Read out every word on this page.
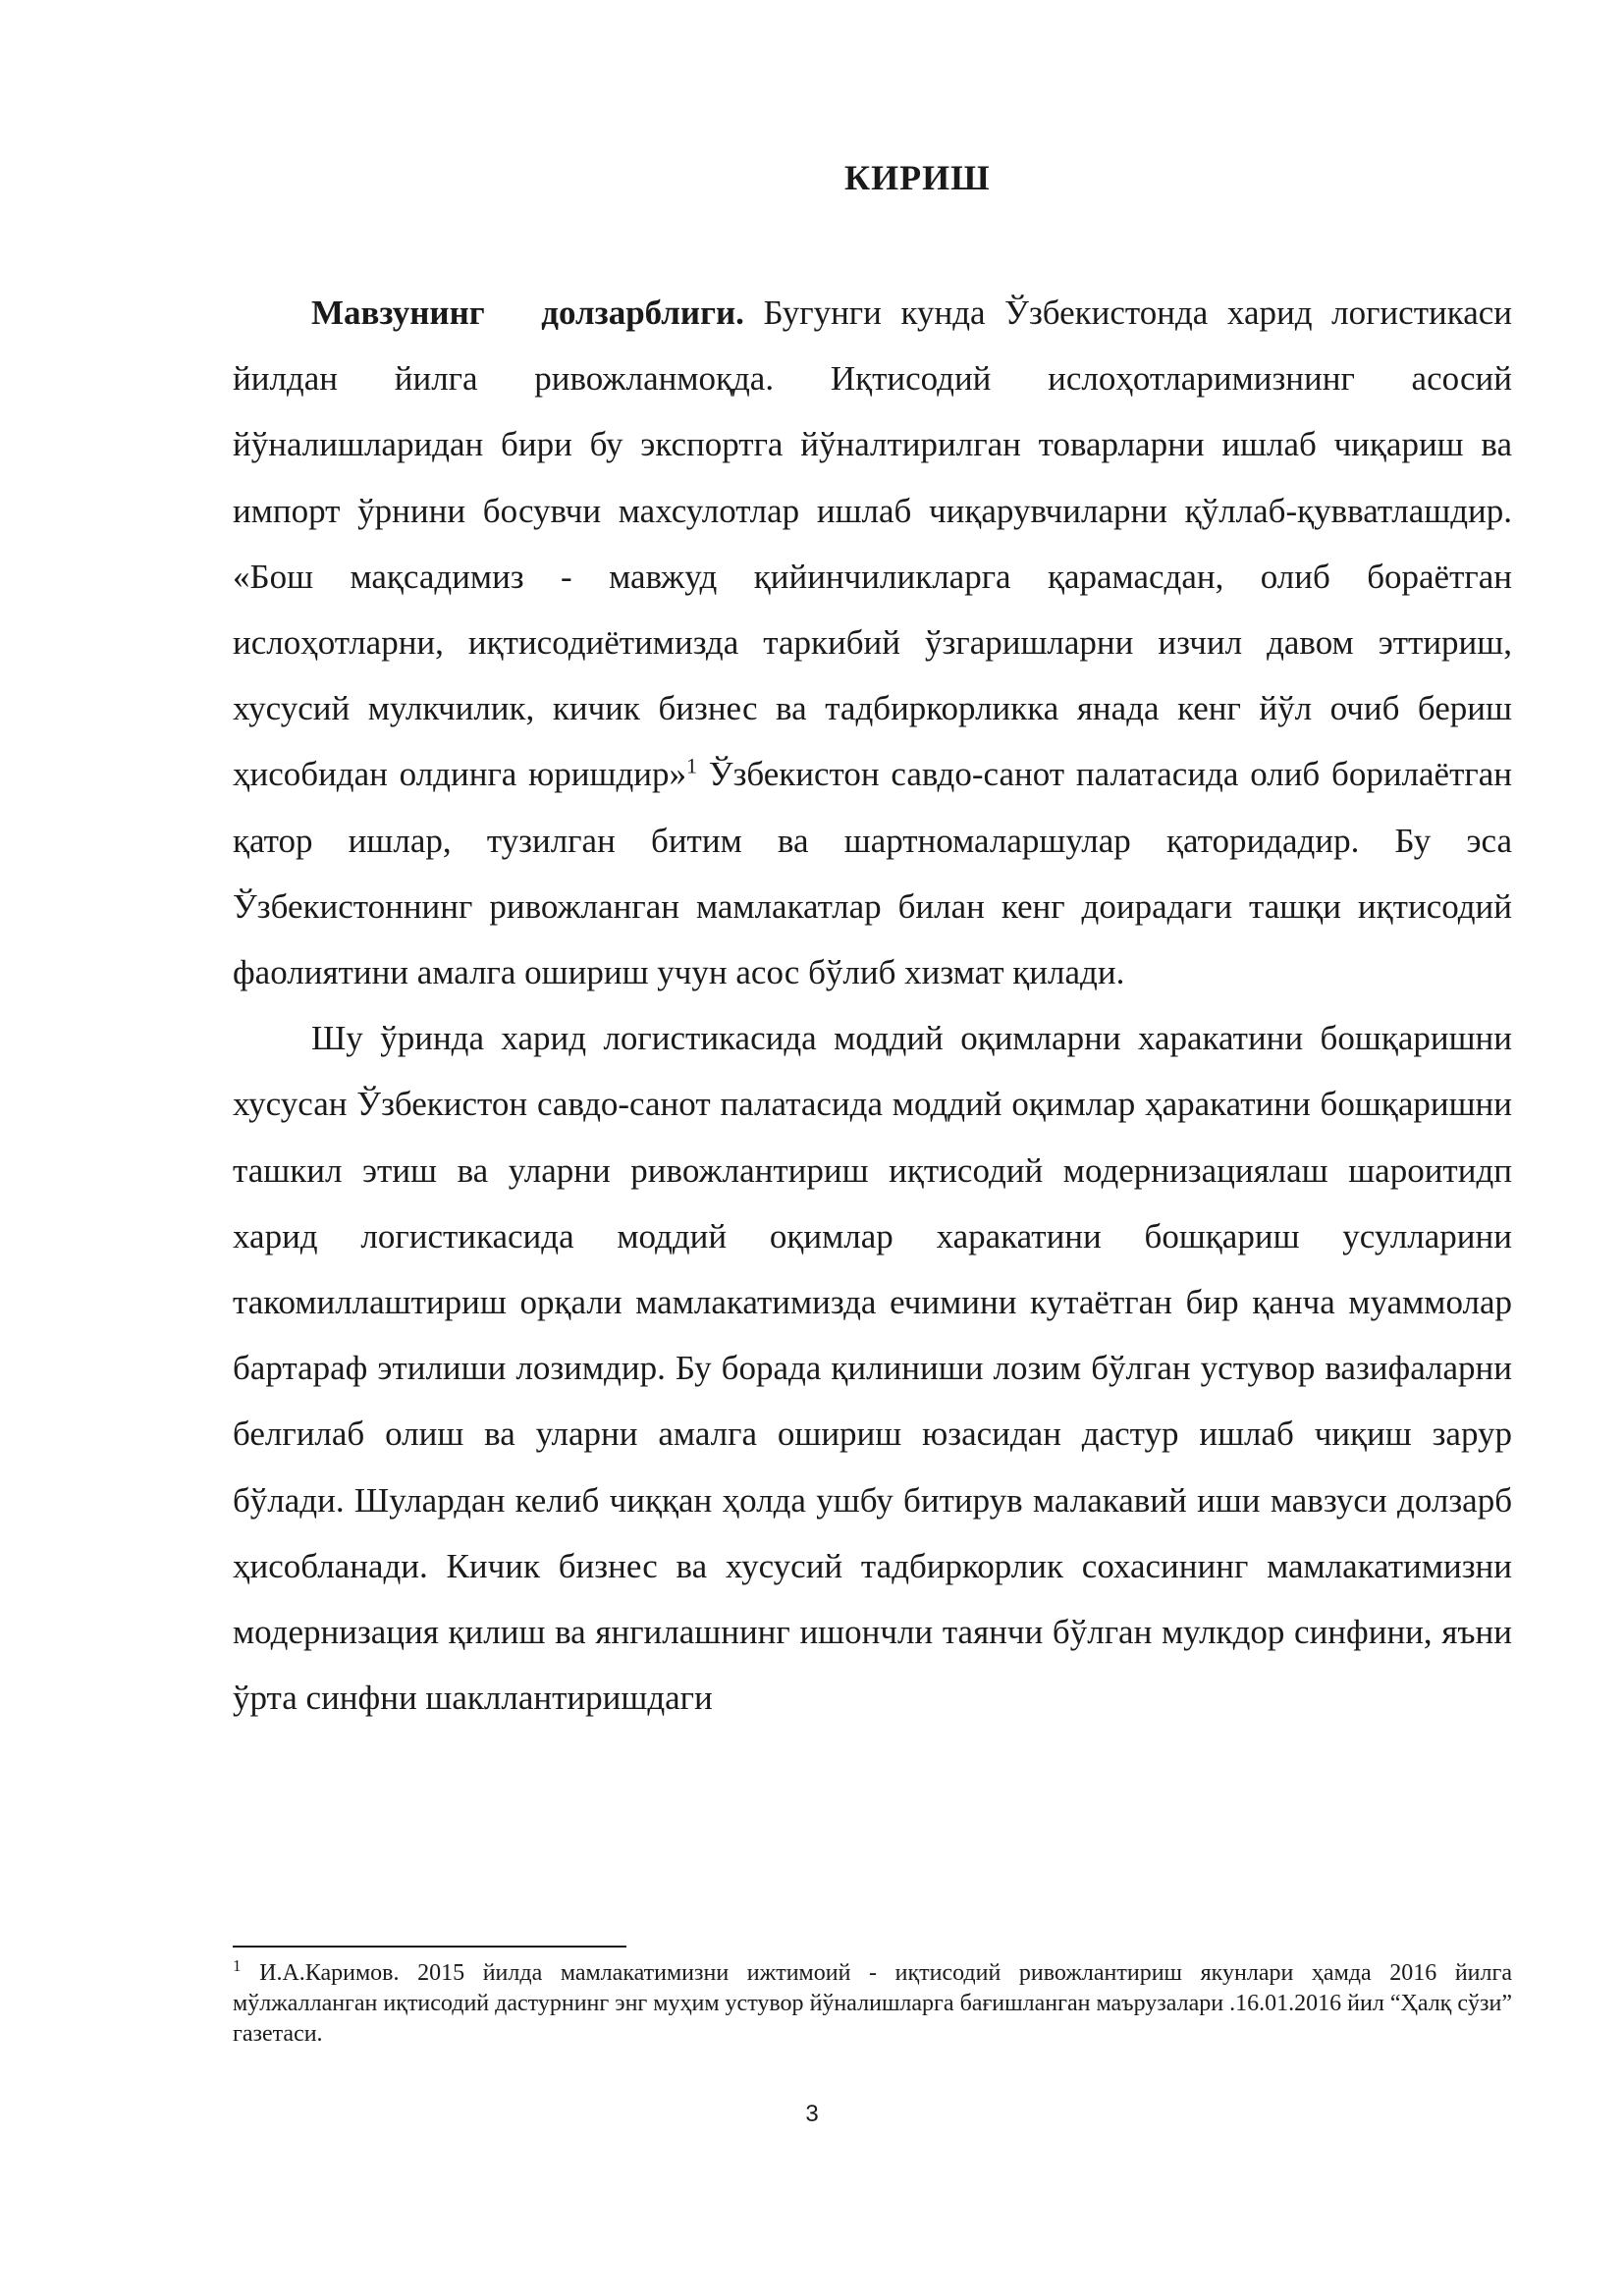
КИРИШ

Мавзунинг долзарблиги. Бугунги кунда Ўзбекистонда харид логистикаси йилдан йилга ривожланмоқда. Иқтисодий ислоҳотларимизнинг асосий йўналишларидан бири бу экспортга йўналтирилган товарларни ишлаб чиқариш ва импорт ўрнини босувчи махсулотлар ишлаб чиқарувчиларни қўллаб-қувватлашдир. «Бош мақсадимиз - мавжуд қийинчиликларга қарамасдан, олиб бораётган ислоҳотларни, иқтисодиётимизда таркибий ўзгаришларни изчил давом эттириш, хусусий мулкчилик, кичик бизнес ва тадбиркорликка янада кенг йўл очиб бериш ҳисобидан олдинга юришдир»$^1$ Ўзбекистон савдо-санот палатасида олиб борилаётган қатор ишлар, тузилган битим ва шартномаларшулар қаторидадир. Бу эса Ўзбекистоннинг ривожланган мамлакатлар билан кенг доирадаги ташқи иқтисодий фаолиятини амалга ошириш учун асос бўлиб хизмат қилади.

Шу ўринда харид логистикасида моддий оқимларни харакатини бошқаришни хусусан Ўзбекистон савдо-санот палатасида моддий оқимлар ҳаракатини бошқаришни ташкил этиш ва уларни ривожлантириш иқтисодий модернизациялаш шароитидп харид логистикасида моддий оқимлар харакатини бошқариш усулларини такомиллаштириш орқали мамлакатимизда ечимини кутаётган бир қанча муаммолар бартараф этилиши лозимдир. Бу борада қилиниши лозим бўлган устувор вазифаларни белгилаб олиш ва уларни амалга ошириш юзасидан дастур ишлаб чиқиш зарур бўлади. Шулардан келиб чиққан ҳолда ушбу битирув малакавий иши мавзуси долзарб ҳисобланади. Кичик бизнес ва хусусий тадбиркорлик сохасининг мамлакатимизни модернизация қилиш ва янгилашнинг ишончли таянчи бўлган мулкдор синфини, яъни ўрта синфни шакллантиришдаги

$^1$ И.А.Каримов. 2015 йилда мамлакатимизни ижтимоий - иқтисодий ривожлантириш якунлари ҳамда 2016 йилга мўлжалланган иқтисодий дастурнинг энг муҳим устувор йўналишларга бағишланган маърузалари .16.01.2016 йил “Ҳалқ сўзи” газетаси.
3
